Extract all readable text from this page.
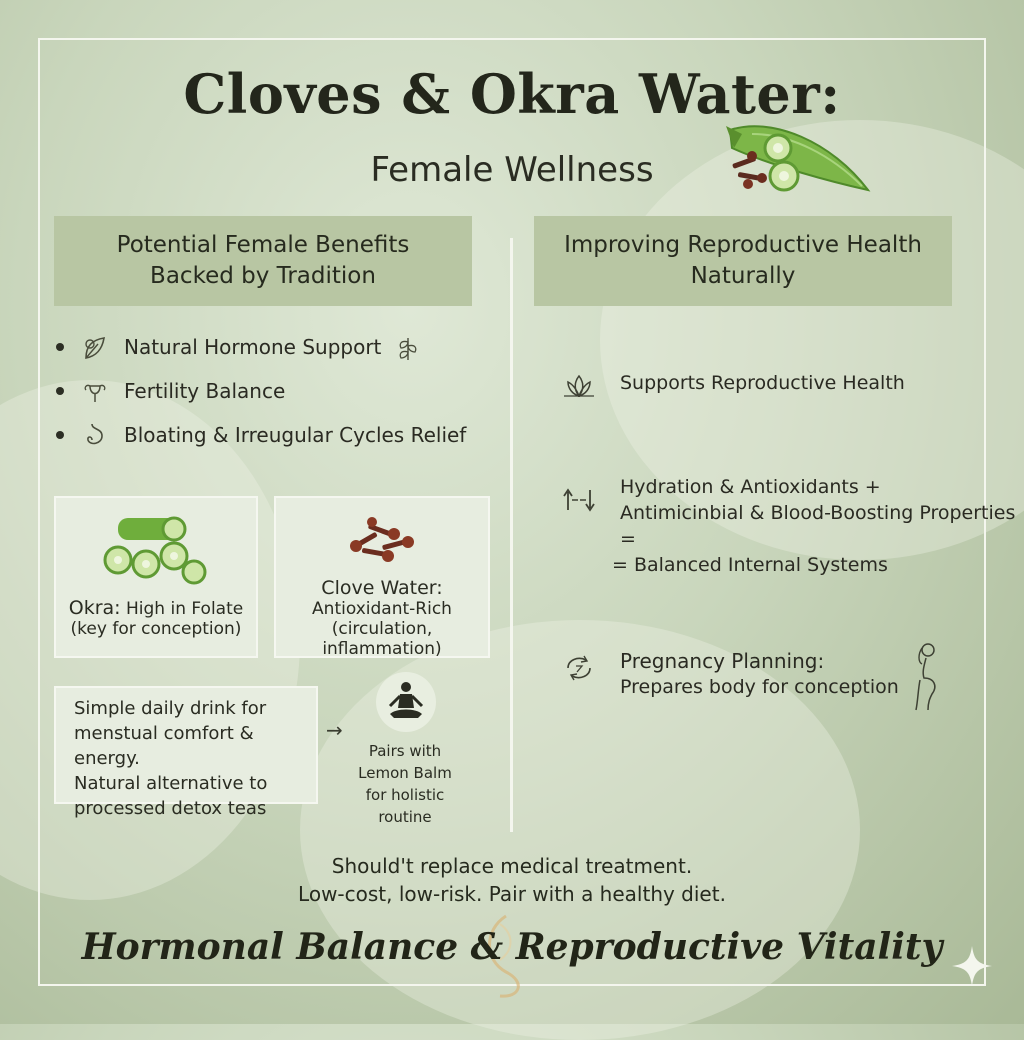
Cloves & Okra Water:
Female Wellness
Potential Female Benefits
Backed by Tradition
Improving Reproductive Health
Naturally
Natural Hormone Support
Fertility Balance
Bloating & Irreugular Cycles Relief
Okra: High in Folate
(key for conception)
Clove Water:
Antioxidant-Rich
(circulation, inflammation)
Simple daily drink for
menstual comfort & energy.
Natural alternative to
processed detox teas
→
Pairs with
Lemon Balm
for holistic routine
Supports Reproductive Health
Hydration & Antioxidants +
Antimicinbial & Blood-Boosting Properties =
= Balanced Internal Systems
Pregnancy Planning:
Prepares body for conception
Should't replace medical treatment.
Low-cost, low-risk. Pair with a healthy diet.
Hormonal Balance & Reproductive Vitality
